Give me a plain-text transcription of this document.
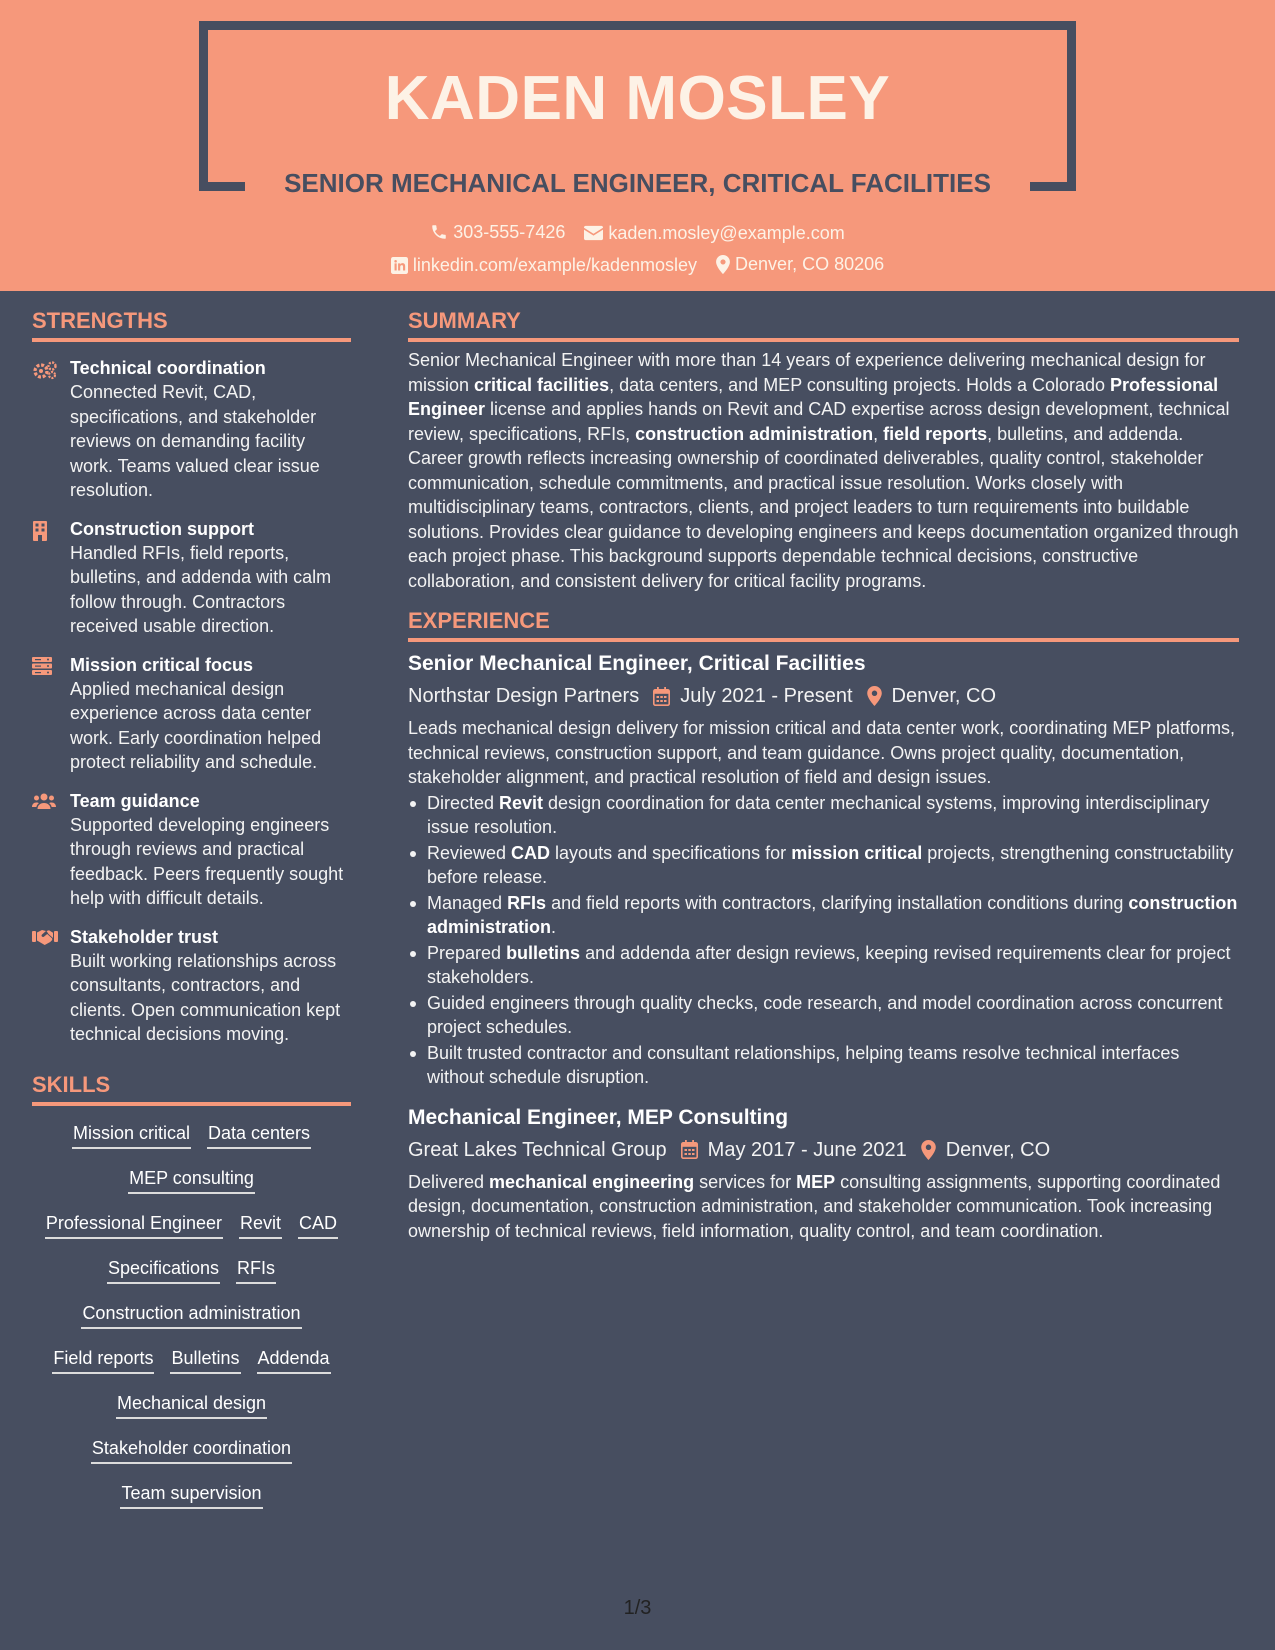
KADEN MOSLEY
SENIOR MECHANICAL ENGINEER, CRITICAL FACILITIES
303-555-7426
kaden.mosley@example.com
linkedin.com/example/kadenmosley
Denver, CO 80206
STRENGTHS
Technical coordination
Connected Revit, CAD, specifications, and stakeholder reviews on demanding facility work. Teams valued clear issue resolution.
Construction support
Handled RFIs, field reports, bulletins, and addenda with calm follow through. Contractors received usable direction.
Mission critical focus
Applied mechanical design experience across data center work. Early coordination helped protect reliability and schedule.
Team guidance
Supported developing engineers through reviews and practical feedback. Peers frequently sought help with difficult details.
Stakeholder trust
Built working relationships across consultants, contractors, and clients. Open communication kept technical decisions moving.
SKILLS
Mission critical Data centers
MEP consulting
Professional Engineer Revit CAD
Specifications RFIs
Construction administration
Field reports Bulletins Addenda
Mechanical design
Stakeholder coordination
Team supervision
SUMMARY

Senior Mechanical Engineer with more than 14 years of experience delivering mechanical design for mission critical facilities, data centers, and MEP consulting projects. Holds a Colorado Professional Engineer license and applies hands on Revit and CAD expertise across design development, technical review, specifications, RFIs, construction administration, field reports, bulletins, and addenda. Career growth reflects increasing ownership of coordinated deliverables, quality control, stakeholder communication, schedule commitments, and practical issue resolution. Works closely with multidisciplinary teams, contractors, clients, and project leaders to turn requirements into buildable solutions. Provides clear guidance to developing engineers and keeps documentation organized through each project phase. This background supports dependable technical decisions, constructive collaboration, and consistent delivery for critical facility programs.

EXPERIENCE
Senior Mechanical Engineer, Critical Facilities
Northstar Design Partners July 2021 - Present Denver, CO

Leads mechanical design delivery for mission critical and data center work, coordinating MEP platforms, technical reviews, construction support, and team guidance. Owns project quality, documentation, stakeholder alignment, and practical resolution of field and design issues.

Directed Revit design coordination for data center mechanical systems, improving interdisciplinary issue resolution.
Reviewed CAD layouts and specifications for mission critical projects, strengthening constructability before release.
Managed RFIs and field reports with contractors, clarifying installation conditions during construction administration.
Prepared bulletins and addenda after design reviews, keeping revised requirements clear for project stakeholders.
Guided engineers through quality checks, code research, and model coordination across concurrent project schedules.
Built trusted contractor and consultant relationships, helping teams resolve technical interfaces without schedule disruption.
Mechanical Engineer, MEP Consulting
Great Lakes Technical Group May 2017 - June 2021 Denver, CO

Delivered mechanical engineering services for MEP consulting assignments, supporting coordinated design, documentation, construction administration, and stakeholder communication. Took increasing ownership of technical reviews, field information, quality control, and team coordination.

1/3
